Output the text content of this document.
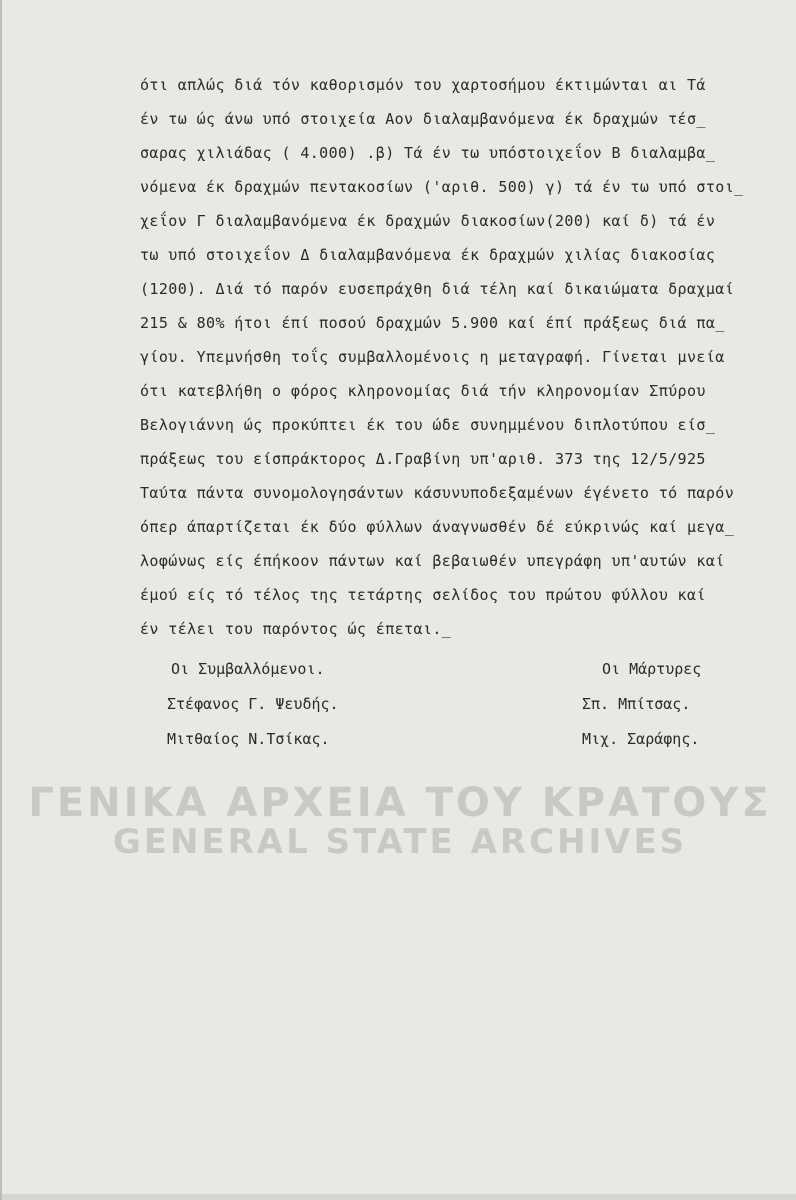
ότι απλώς διά τόν καθορισμόν του χαρτοσήμου έκτιμώνται αι Τά
έν τω ώς άνω υπό στοιχεία Αον διαλαμβανόμενα έκ δραχμών τέσ_
σαρας χιλιάδας ( 4.000) .β) Τά έν τω υπόστοιχεΐον Β διαλαμβα_
νόμενα έκ δραχμών πεντακοσίων ('αριθ. 500) γ) τά έν τω υπό στοι_
χεΐον Γ διαλαμβανόμενα έκ δραχμών διακοσίων(200) καί δ) τά έν
τω υπό στοιχεΐον Δ διαλαμβανόμενα έκ δραχμών χιλίας διακοσίας
(1200). Διά τό παρόν ευσεπράχθη διά τέλη καί δικαιώματα δραχμαί
215 & 80% ήτοι έπί ποσού δραχμών 5.900 καί έπί πράξεως διά πα_
γίου. Υπεμνήσθη τοΐς συμβαλλομένοις η μεταγραφή. Γίνεται μνεία
ότι κατεβλήθη ο φόρος κληρονομίας διά τήν κληρονομίαν Σπύρου
Βελογιάννη ώς προκύπτει έκ του ώδε συνημμένου διπλοτύπου είσ_
πράξεως του είσπράκτορος Δ.Γραβίνη υπ'αριθ. 373 της 12/5/925
Ταύτα πάντα συνομολογησάντων κάσυνυποδεξαμένων έγένετο τό παρόν
όπερ άπαρτίζεται έκ δύο φύλλων άναγνωσθέν δέ εύκρινώς καί μεγα_
λοφώνως είς έπήκοον πάντων καί βεβαιωθέν υπεγράφη υπ'αυτών καί
έμού είς τό τέλος της τετάρτης σελίδος του πρώτου φύλλου καί
έν τέλει του παρόντος ώς έπεται._
Οι Συμβαλλόμενοι.
Στέφανος Γ. Ψευδής.
Μιτθαίος Ν.Τσίκας.
Οι Μάρτυρες
Σπ. Μπίτσας.
Μιχ. Σαράφης.
ΓΕΝΙΚΑ ΑΡΧΕΙΑ ΤΟΥ ΚΡΑΤΟΥΣ
GENERAL STATE ARCHIVES
